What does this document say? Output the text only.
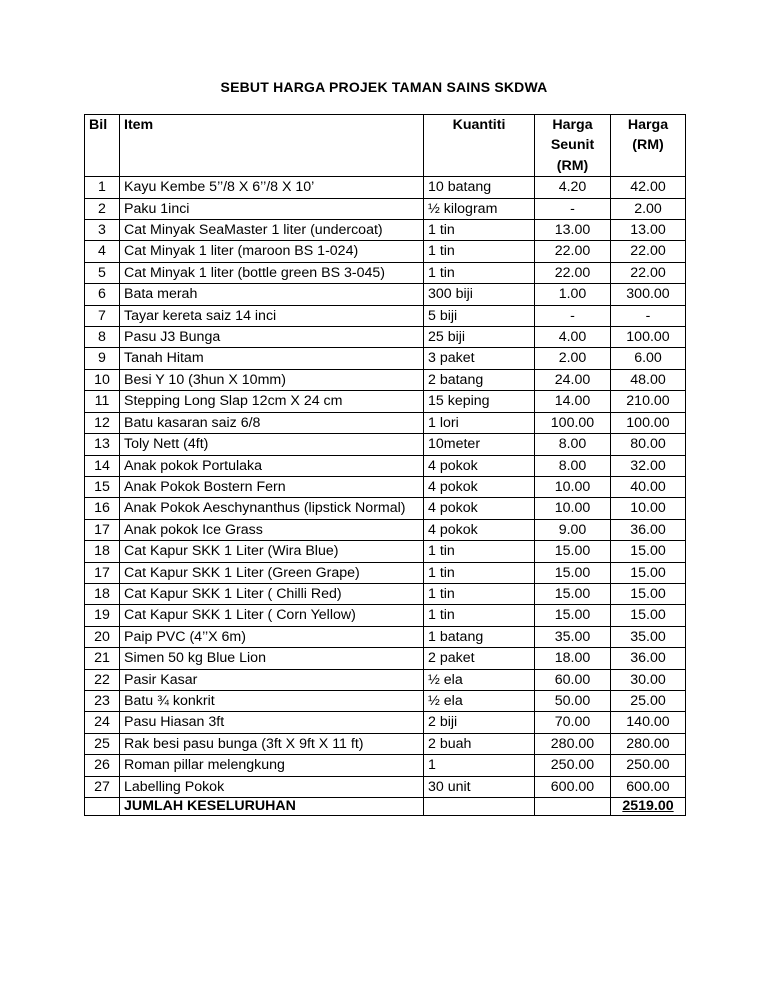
SEBUT HARGA PROJEK TAMAN SAINS SKDWA
Bil	Item	Kuantiti	Harga Seunit (RM)	Harga (RM)
1	Kayu Kembe 5’’/8 X 6’’/8 X 10’	10 batang	4.20	42.00
2	Paku 1inci	½ kilogram	-	2.00
3	Cat Minyak SeaMaster 1 liter (undercoat)	1 tin	13.00	13.00
4	Cat Minyak 1 liter (maroon BS 1-024)	1 tin	22.00	22.00
5	Cat Minyak 1 liter (bottle green BS 3-045)	1 tin	22.00	22.00
6	Bata merah	300 biji	1.00	300.00
7	Tayar kereta saiz 14 inci	5 biji	-	-
8	Pasu J3 Bunga	25 biji	4.00	100.00
9	Tanah Hitam	3 paket	2.00	6.00
10	Besi Y 10 (3hun X 10mm)	2 batang	24.00	48.00
11	Stepping Long Slap 12cm X 24 cm	15 keping	14.00	210.00
12	Batu kasaran saiz 6/8	1 lori	100.00	100.00
13	Toly Nett (4ft)	10meter	8.00	80.00
14	Anak pokok Portulaka	4 pokok	8.00	32.00
15	Anak Pokok Bostern Fern	4 pokok	10.00	40.00
16	Anak Pokok Aeschynanthus (lipstick Normal)	4 pokok	10.00	10.00
17	Anak pokok Ice Grass	4 pokok	9.00	36.00
18	Cat Kapur SKK 1 Liter (Wira Blue)	1 tin	15.00	15.00
17	Cat Kapur SKK 1 Liter (Green Grape)	1 tin	15.00	15.00
18	Cat Kapur SKK 1 Liter ( Chilli Red)	1 tin	15.00	15.00
19	Cat Kapur SKK 1 Liter ( Corn Yellow)	1 tin	15.00	15.00
20	Paip PVC (4’’X 6m)	1 batang	35.00	35.00
21	Simen 50 kg Blue Lion	2 paket	18.00	36.00
22	Pasir Kasar	½ ela	60.00	30.00
23	Batu ¾ konkrit	½ ela	50.00	25.00
24	Pasu Hiasan 3ft	2 biji	70.00	140.00
25	Rak besi pasu bunga (3ft X 9ft X 11 ft)	2 buah	280.00	280.00
26	Roman pillar melengkung	1	250.00	250.00
27	Labelling Pokok	30 unit	600.00	600.00
	JUMLAH KESELURUHAN			2519.00
